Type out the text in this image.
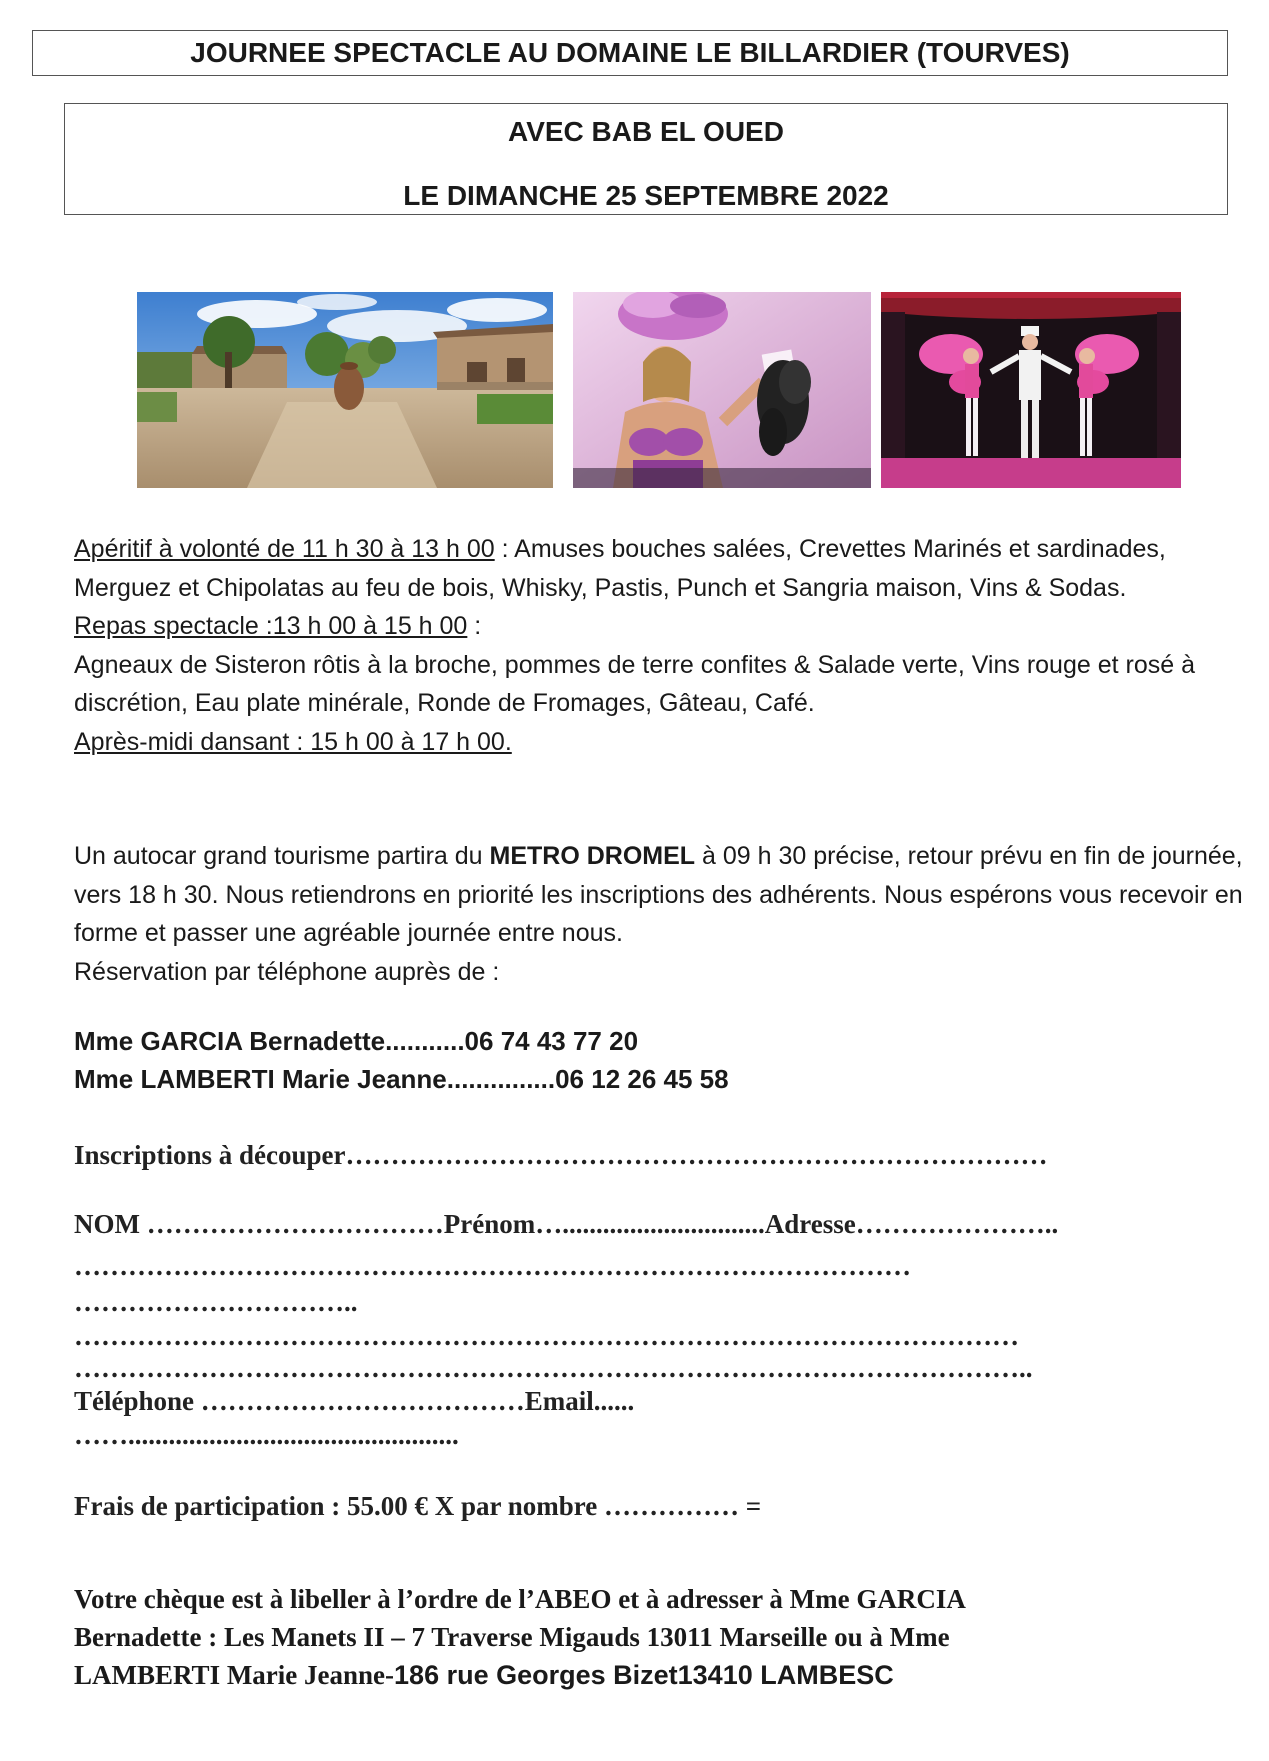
JOURNEE SPECTACLE AU DOMAINE LE BILLARDIER (TOURVES)
AVEC BAB EL OUED
LE DIMANCHE 25 SEPTEMBRE 2022

Apéritif à volonté de 11 h 30 à 13 h 00 : Amuses bouches salées, Crevettes Marinés et sardinades, Merguez et Chipolatas au feu de bois, Whisky, Pastis, Punch et Sangria maison, Vins & Sodas.

Repas spectacle :13 h 00 à 15 h 00 :

Agneaux de Sisteron rôtis à la broche, pommes de terre confites & Salade verte, Vins rouge et rosé à discrétion, Eau plate minérale, Ronde de Fromages, Gâteau, Café.

Après-midi dansant : 15 h 00 à 17 h 00.

Un autocar grand tourisme partira du METRO DROMEL à 09 h 30 précise, retour prévu en fin de journée, vers 18 h 30. Nous retiendrons en priorité les inscriptions des adhérents. Nous espérons vous recevoir en forme et passer une agréable journée entre nous.

Réservation par téléphone auprès de :

Mme GARCIA Bernadette...........06 74 43 77 20
Mme LAMBERTI Marie Jeanne...............06 12 26 45 58
Inscriptions à découper……………………………………………………………………
NOM ……………………………Prénom…..............................Adresse…………………..
…………………………………………………………………………………
…………………………..
……………………………………………………………………………………………
……………………………………………………………………………………………..
Téléphone ………………………………Email......
…….................................................
Frais de participation : 55.00 € X par nombre …………… =

Votre chèque est à libeller à l’ordre de l’ABEO et à adresser à Mme GARCIA

Bernadette : Les Manets II – 7 Traverse Migauds 13011 Marseille ou à Mme

LAMBERTI Marie Jeanne-186 rue Georges Bizet13410 LAMBESC
